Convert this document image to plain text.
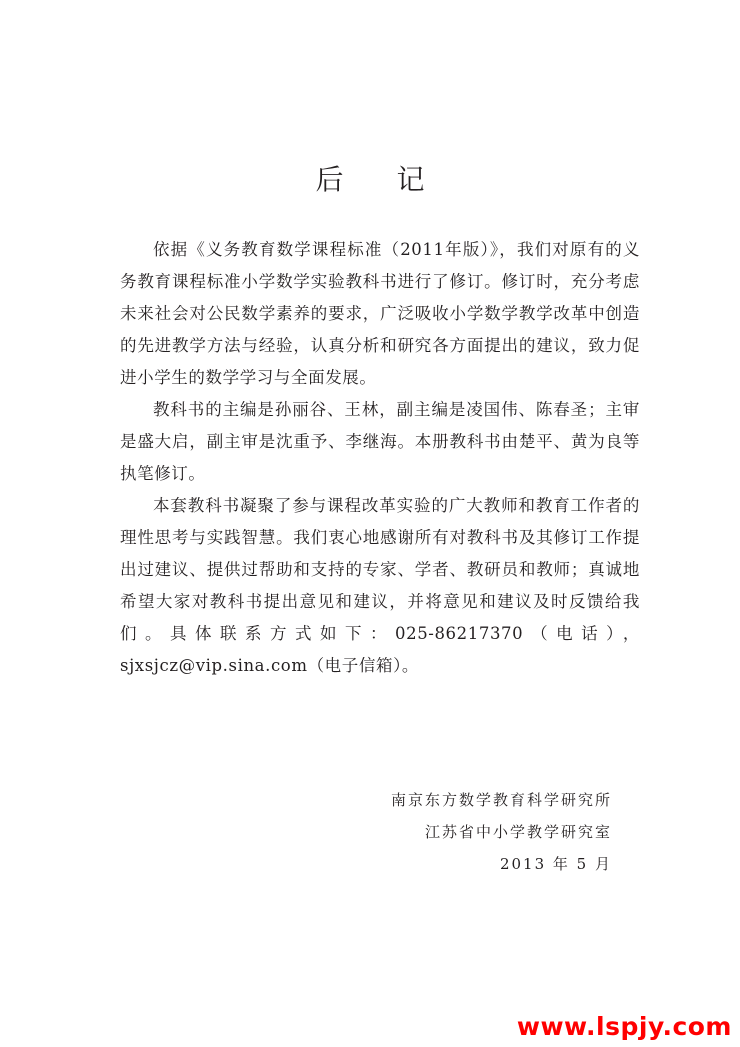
后 记

依据《义务教育数学课程标准（2011年版）》，我们对原有的义务教育课程标准小学数学实验教科书进行了修订。修订时，充分考虑未来社会对公民数学素养的要求，广泛吸收小学数学教学改革中创造的先进教学方法与经验，认真分析和研究各方面提出的建议，致力促进小学生的数学学习与全面发展。

教科书的主编是孙丽谷、王林，副主编是凌国伟、陈春圣；主审是盛大启，副主审是沈重予、李继海。本册教科书由楚平、黄为良等执笔修订。

本套教科书凝聚了参与课程改革实验的广大教师和教育工作者的理性思考与实践智慧。我们衷心地感谢所有对教科书及其修订工作提出过建议、提供过帮助和支持的专家、学者、教研员和教师；真诚地希望大家对教科书提出意见和建议，并将意见和建议及时反馈给我们。具体联系方式如下：025-86217370（电话），sjxsjcz@vip.sina.com（电子信箱）。

南京东方数学教育科学研究所
江苏省中小学教学研究室
2013 年 5 月
www.lspjy.com
